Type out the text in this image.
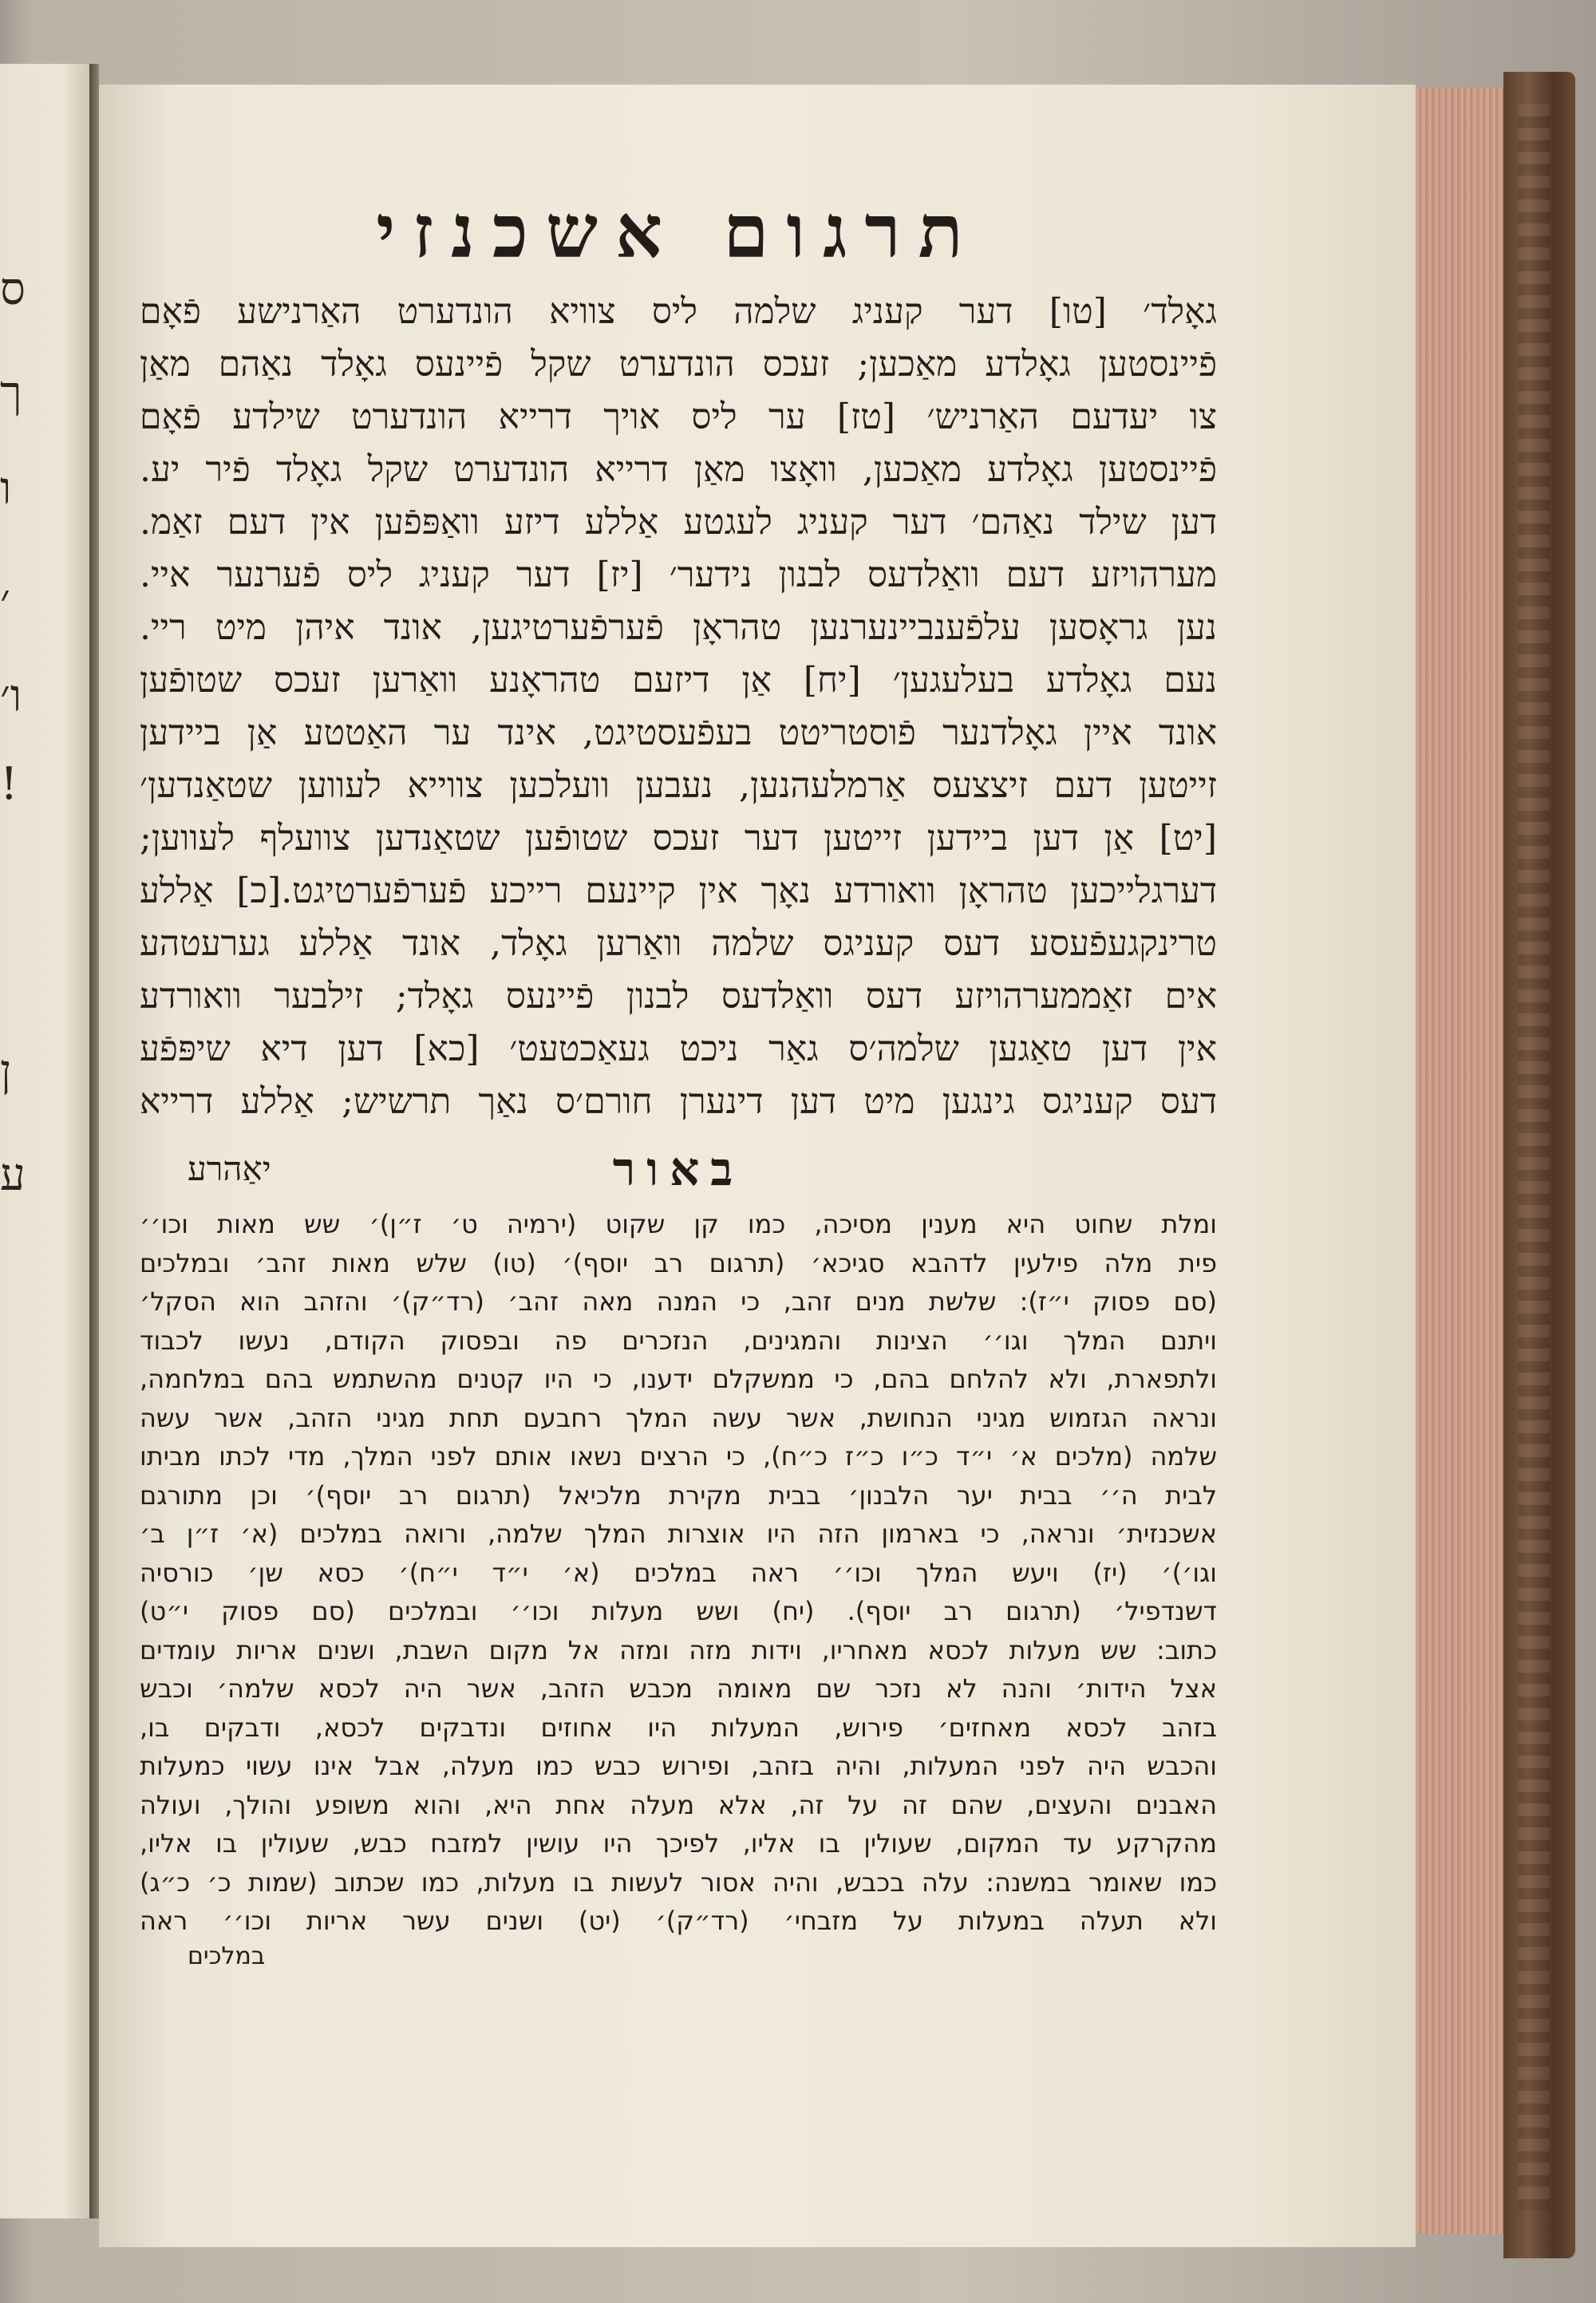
ס
ך
ו
׳
ו׳
!
ן
ע
תרגום אשכנזי
גאָלד׳ [טו] דער קעניג שלמה ליס צוויא הונדערט האַרנישע פֿאָם
פֿיינסטען גאָלדע מאַכען; זעכס הונדערט שקל פֿיינעס גאָלד נאַהם מאַן
צו יעדעם האַרניש׳ [טז] ער ליס אויך דרייא הונדערט שילדע פֿאָם
פֿיינסטען גאָלדע מאַכען, וואָצו מאַן דרייא הונדערט שקל גאָלד פֿיר יע.
דען שילד נאַהם׳ דער קעניג לעגטע אַללע דיזע וואַפּפֿען אין דעם זאַמ.
מערהויזע דעם וואַלדעס לבנון נידער׳ [יז] דער קעניג ליס פֿערנער איי.
נען גראָסען עלפֿענביינערנען טהראָן פֿערפֿערטיגען, אונד איהן מיט ריי.
נעם גאָלדע בעלעגען׳ [יח] אַן דיזעם טהראָנע וואַרען זעכס שטופֿען
אונד איין גאָלדנער פֿוסטריטט בעפֿעסטיגט, אינד ער האַטטע אַן ביידען
זייטען דעם זיצצעס אַרמלעהנען, נעבען וועלכען צווייא לעווען שטאַנדען׳
[יט] אַן דען ביידען זייטען דער זעכס שטופֿען שטאַנדען צוועלף לעווען;
דערגלייכען טהראָן וואורדע נאָך אין קיינעם רייכע פֿערפֿערטיגט.[כ] אַללע
טרינקגעפֿעסע דעס קעניגס שלמה וואַרען גאָלד, אונד אַללע גערעטהע
אים זאַממערהויזע דעס וואַלדעס לבנון פֿיינעס גאָלד; זילבער וואורדע
אין דען טאַגען שלמה׳ס גאַר ניכט געאַכטעט׳ [כא] דען דיא שיפּפֿע
דעס קעניגס גינגען מיט דען דינערן חורם׳ס נאַך תרשיש; אַללע דרייא
באור
יאַהרע
ומלת שחוט היא מענין מסיכה, כמו קן שקוט (ירמיה ט׳ ז״ן)׳ שש מאות וכו׳׳
פית מלה פילעין לדהבא סגיכא׳ (תרגום רב יוסף)׳ (טו) שלש מאות זהב׳ ובמלכים
(סם פסוק י״ז): שלשת מנים זהב, כי המנה מאה זהב׳ (רד״ק)׳ והזהב הוא הסקל׳
ויתנם המלך וגו׳׳ הצינות והמגינים, הנזכרים פה ובפסוק הקודם, נעשו לכבוד
ולתפארת, ולא להלחם בהם, כי ממשקלם ידענו, כי היו קטנים מהשתמש בהם במלחמה,
ונראה הגזמוש מגיני הנחושת, אשר עשה המלך רחבעם תחת מגיני הזהב, אשר עשה
שלמה (מלכים א׳ י״ד כ״ו כ״ז כ״ח), כי הרצים נשאו אותם לפני המלך, מדי לכתו מביתו
לבית ה׳׳ בבית יער הלבנון׳ בבית מקירת מלכיאל (תרגום רב יוסף)׳ וכן מתורגם
אשכנזית׳ ונראה, כי בארמון הזה היו אוצרות המלך שלמה, ורואה במלכים (א׳ ז״ן ב׳
וגו׳)׳ (יז) ויעש המלך וכו׳׳ ראה במלכים (א׳ י״ד י״ח)׳ כסא שן׳ כורסיה
דשנדפיל׳ (תרגום רב יוסף). (יח) ושש מעלות וכו׳׳ ובמלכים (סם פסוק י״ט)
כתוב: שש מעלות לכסא מאחריו, וידות מזה ומזה אל מקום השבת, ושנים אריות עומדים
אצל הידות׳ והנה לא נזכר שם מאומה מכבש הזהב, אשר היה לכסא שלמה׳ וכבש
בזהב לכסא מאחזים׳ פירוש, המעלות היו אחוזים ונדבקים לכסא, ודבקים בו,
והכבש היה לפני המעלות, והיה בזהב, ופירוש כבש כמו מעלה, אבל אינו עשוי כמעלות
האבנים והעצים, שהם זה על זה, אלא מעלה אחת היא, והוא משופע והולך, ועולה
מהקרקע עד המקום, שעולין בו אליו, לפיכך היו עושין למזבח כבש, שעולין בו אליו,
כמו שאומר במשנה: עלה בכבש, והיה אסור לעשות בו מעלות, כמו שכתוב (שמות כ׳ כ״ג)
ולא תעלה במעלות על מזבחי׳ (רד״ק)׳ (יט) ושנים עשר אריות וכו׳׳ ראה
במלכים
